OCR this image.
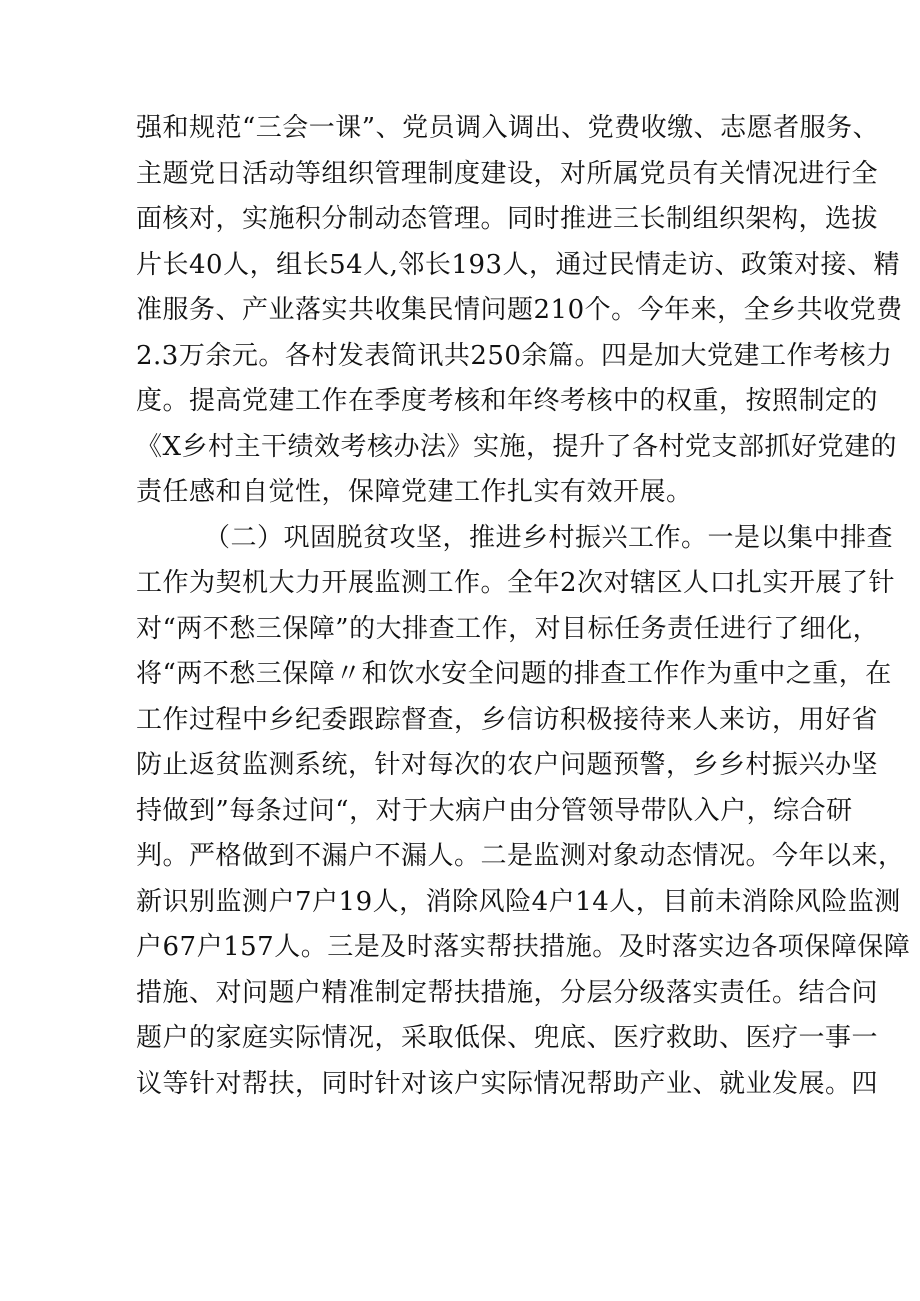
强和规范“三会一课”、党员调入调出、党费收缴、志愿者服务、
主题党日活动等组织管理制度建设，对所属党员有关情况进行全
面核对，实施积分制动态管理。同时推进三长制组织架构，选拔
片长40人，组长54人,邻长193人，通过民情走访、政策对接、精
准服务、产业落实共收集民情问题210个。今年来，全乡共收党费
2.3万余元。各村发表简讯共250余篇。四是加大党建工作考核力
度。提高党建工作在季度考核和年终考核中的权重，按照制定的
《X乡村主干绩效考核办法》实施，提升了各村党支部抓好党建的
责任感和自觉性，保障党建工作扎实有效开展。
（二）巩固脱贫攻坚，推进乡村振兴工作。一是以集中排查
工作为契机大力开展监测工作。全年2次对辖区人口扎实开展了针
对“两不愁三保障”的大排查工作，对目标任务责任进行了细化，
将“两不愁三保障〃和饮水安全问题的排查工作作为重中之重，在
工作过程中乡纪委跟踪督查，乡信访积极接待来人来访，用好省
防止返贫监测系统，针对每次的农户问题预警，乡乡村振兴办坚
持做到”每条过问“，对于大病户由分管领导带队入户，综合研
判。严格做到不漏户不漏人。二是监测对象动态情况。今年以来，
新识别监测户7户19人，消除风险4户14人，目前未消除风险监测
户67户157人。三是及时落实帮扶措施。及时落实边各项保障保障
措施、对问题户精准制定帮扶措施，分层分级落实责任。结合问
题户的家庭实际情况，采取低保、兜底、医疗救助、医疗一事一
议等针对帮扶，同时针对该户实际情况帮助产业、就业发展。四
